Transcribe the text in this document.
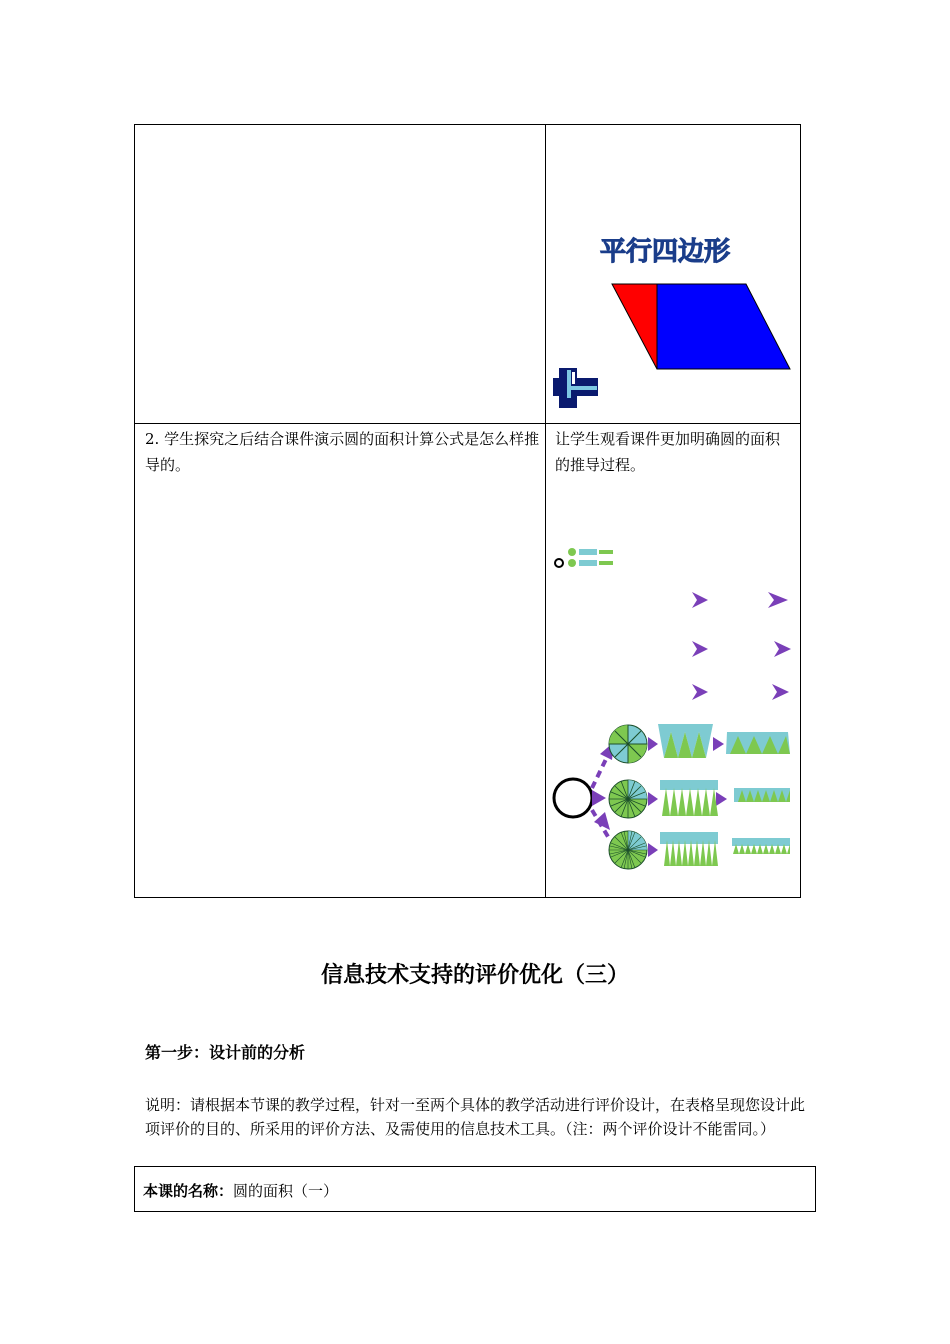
平行四边形
2. 学生探究之后结合课件演示圆的面积计算公式是怎么样推导的。
让学生观看课件更加明确圆的面积的推导过程。
信息技术支持的评价优化（三）
第一步：设计前的分析
说明：请根据本节课的教学过程，针对一至两个具体的教学活动进行评价设计，在表格呈现您设计此项评价的目的、所采用的评价方法、及需使用的信息技术工具。（注：两个评价设计不能雷同。）
本课的名称：圆的面积（一）
